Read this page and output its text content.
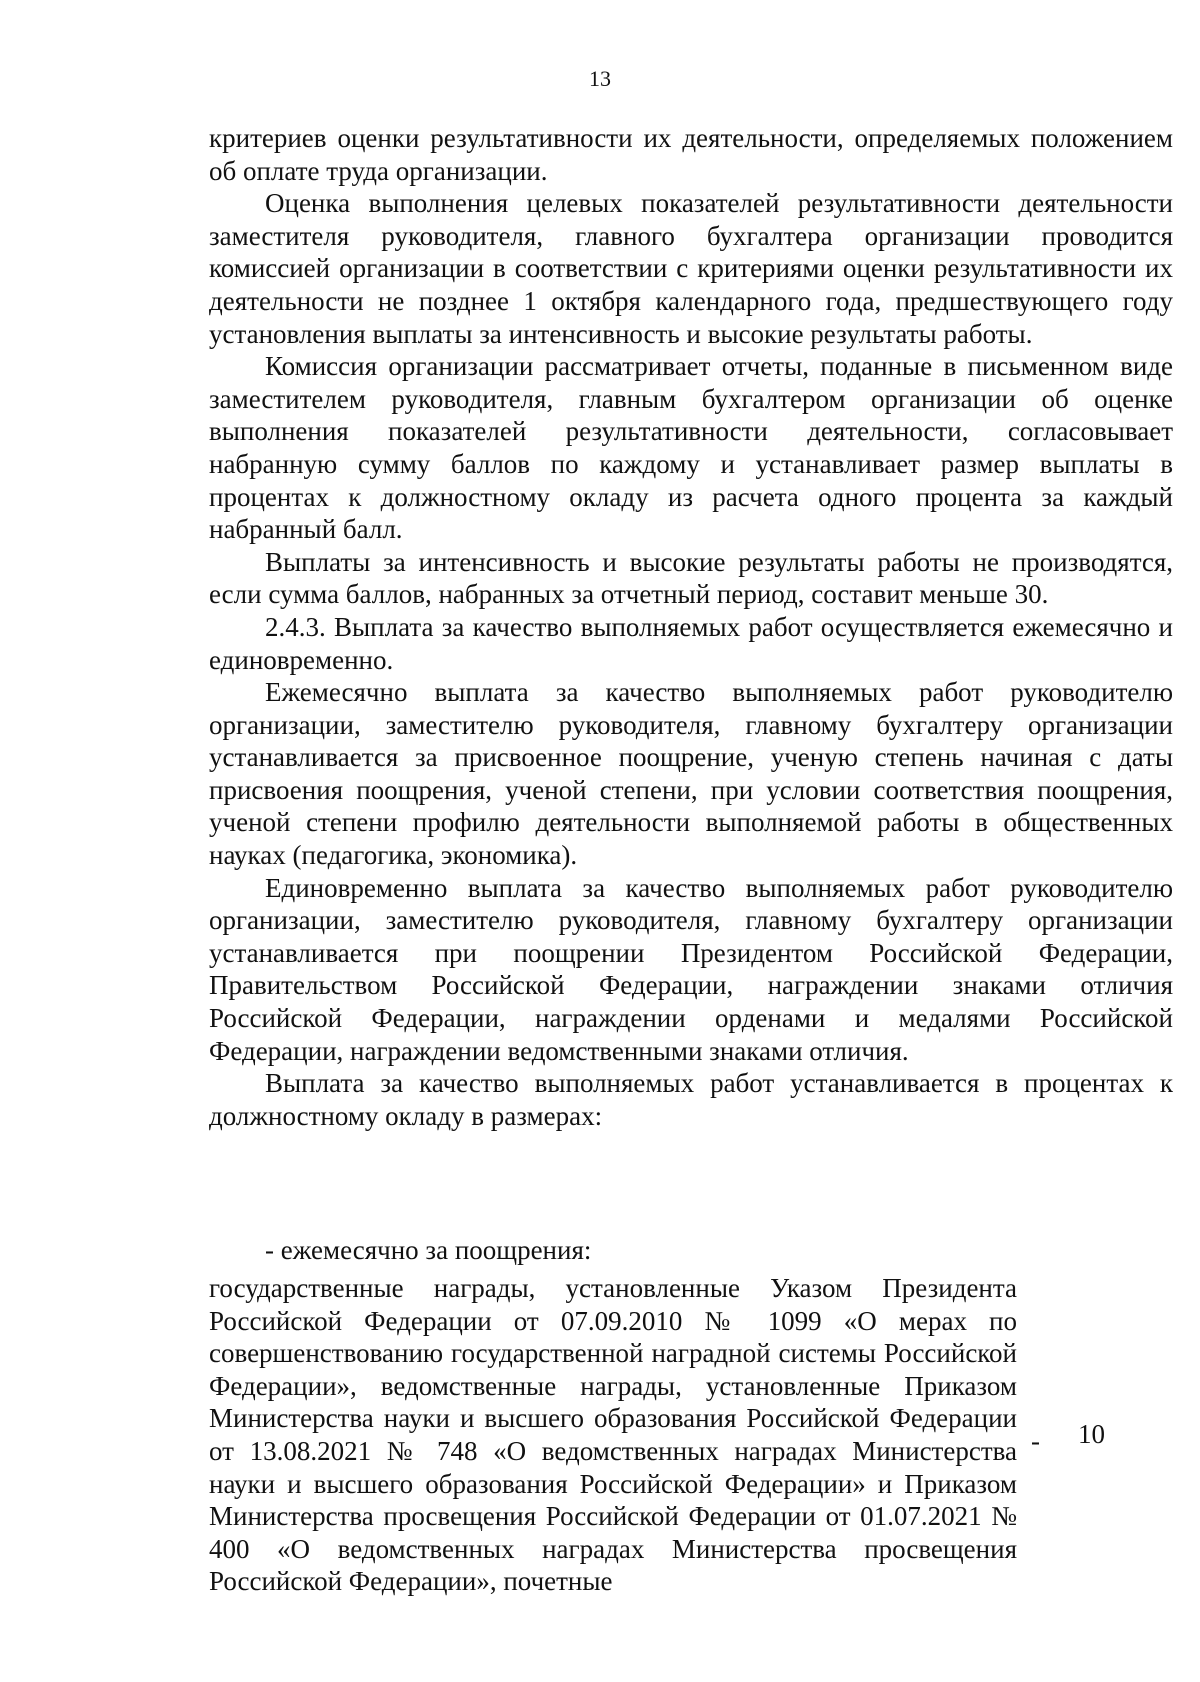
13

критериев оценки результативности их деятельности, определяемых положением об оплате труда организации.

Оценка выполнения целевых показателей результативности деятельности заместителя руководителя, главного бухгалтера организации проводится комиссией организации в соответствии с критериями оценки результативности их деятельности не позднее 1 октября календарного года, предшествующего году установления выплаты за интенсивность и высокие результаты работы.

Комиссия организации рассматривает отчеты, поданные в письменном виде заместителем руководителя, главным бухгалтером организации об оценке выполнения показателей результативности деятельности, согласовывает набранную сумму баллов по каждому и устанавливает размер выплаты в процентах к должностному окладу из расчета одного процента за каждый набранный балл.

Выплаты за интенсивность и высокие результаты работы не производятся, если сумма баллов, набранных за отчетный период, составит меньше 30.

2.4.3. Выплата за качество выполняемых работ осуществляется ежемесячно и единовременно.

Ежемесячно выплата за качество выполняемых работ руководителю организации, заместителю руководителя, главному бухгалтеру организации устанавливается за присвоенное поощрение, ученую степень начиная с даты присвоения поощрения, ученой степени, при условии соответствия поощрения, ученой степени профилю деятельности выполняемой работы в общественных науках (педагогика, экономика).

Единовременно выплата за качество выполняемых работ руководителю организации, заместителю руководителя, главному бухгалтеру организации устанавливается при поощрении Президентом Российской Федерации, Правительством Российской Федерации, награждении знаками отличия Российской Федерации, награждении орденами и медалями Российской Федерации, награждении ведомственными знаками отличия.

Выплата за качество выполняемых работ устанавливается в процентах к должностному окладу в размерах:

- ежемесячно за поощрения:
государственные награды, установленные Указом Президента Российской Федерации от 07.09.2010 № 1099 «О мерах по совершенствованию государственной наградной системы Российской Федерации», ведомственные награды, установленные Приказом Министерства науки и высшего образования Российской Федерации от 13.08.2021 № 748 «О ведомственных наградах Министерства науки и высшего образования Российской Федерации» и Приказом Министерства просвещения Российской Федерации от 01.07.2021 № 400 «О ведомственных наградах Министерства просвещения Российской Федерации», почетные
- 10
